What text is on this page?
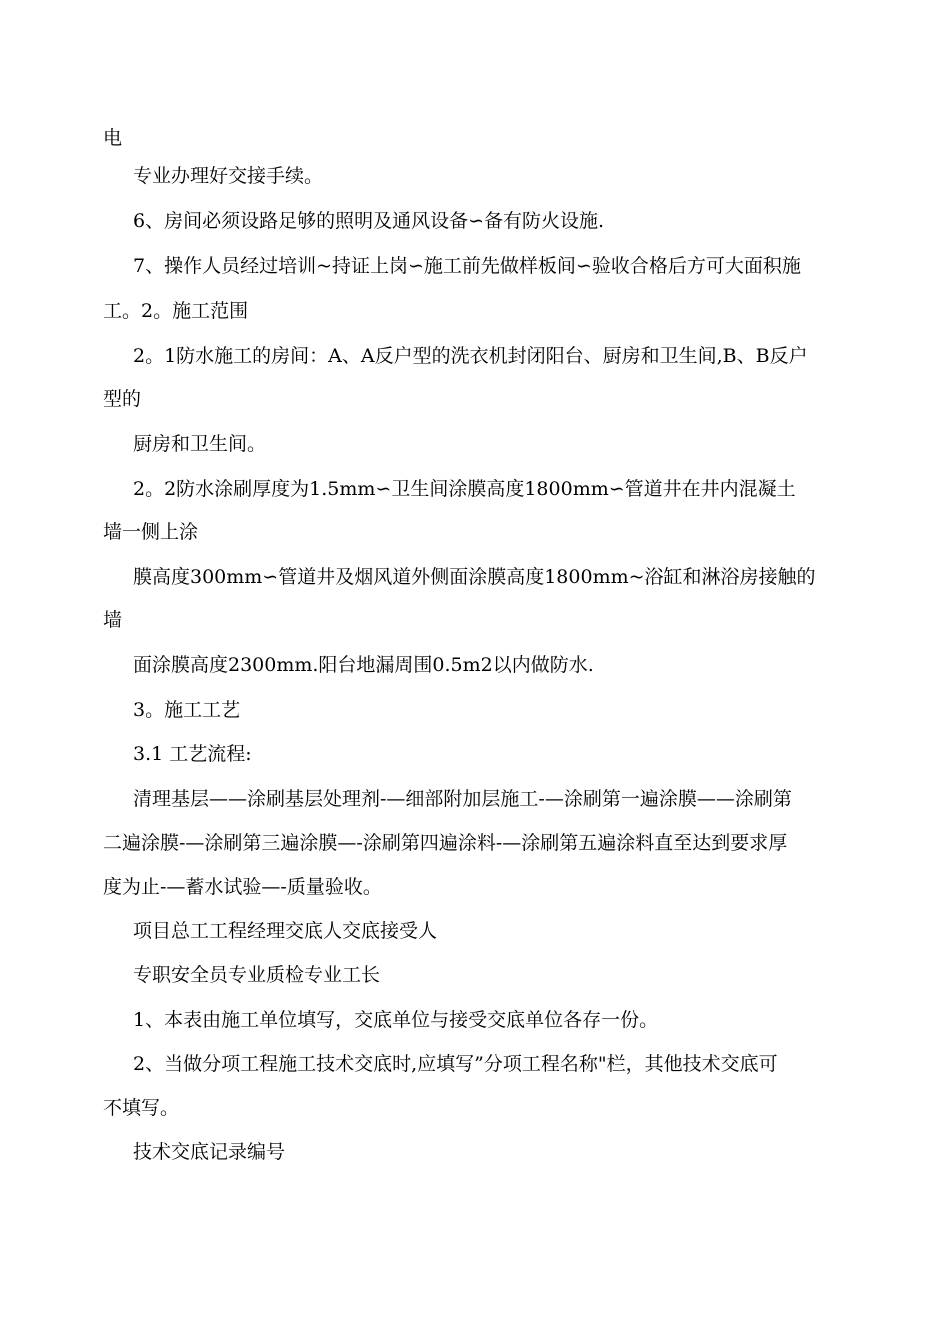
电
专业办理好交接手续。
6、房间必须设路足够的照明及通风设备∽备有防火设施.
7、操作人员经过培训~持证上岗∽施工前先做样板间∽验收合格后方可大面积施
工。2。施工范围
2。1防水施工的房间：A、A反户型的洗衣机封闭阳台、厨房和卫生间,B、B反户
型的
厨房和卫生间。
2。2防水涂刷厚度为1.5mm∽卫生间涂膜高度1800mm∽管道井在井内混凝土
墙一侧上涂
膜高度300mm∽管道井及烟风道外侧面涂膜高度1800mm~浴缸和淋浴房接触的
墙
面涂膜高度2300mm.阳台地漏周围0.5m2以内做防水.
3。施工工艺
3.1 工艺流程:
清理基层——涂刷基层处理剂-—细部附加层施工-—涂刷第一遍涂膜——涂刷第
二遍涂膜-—涂刷第三遍涂膜—-涂刷第四遍涂料-—涂刷第五遍涂料直至达到要求厚
度为止-—蓄水试验—-质量验收。
项目总工工程经理交底人交底接受人
专职安全员专业质检专业工长
1、本表由施工单位填写，交底单位与接受交底单位各存一份。
2、当做分项工程施工技术交底时,应填写”分项工程名称"栏，其他技术交底可
不填写。
技术交底记录编号
